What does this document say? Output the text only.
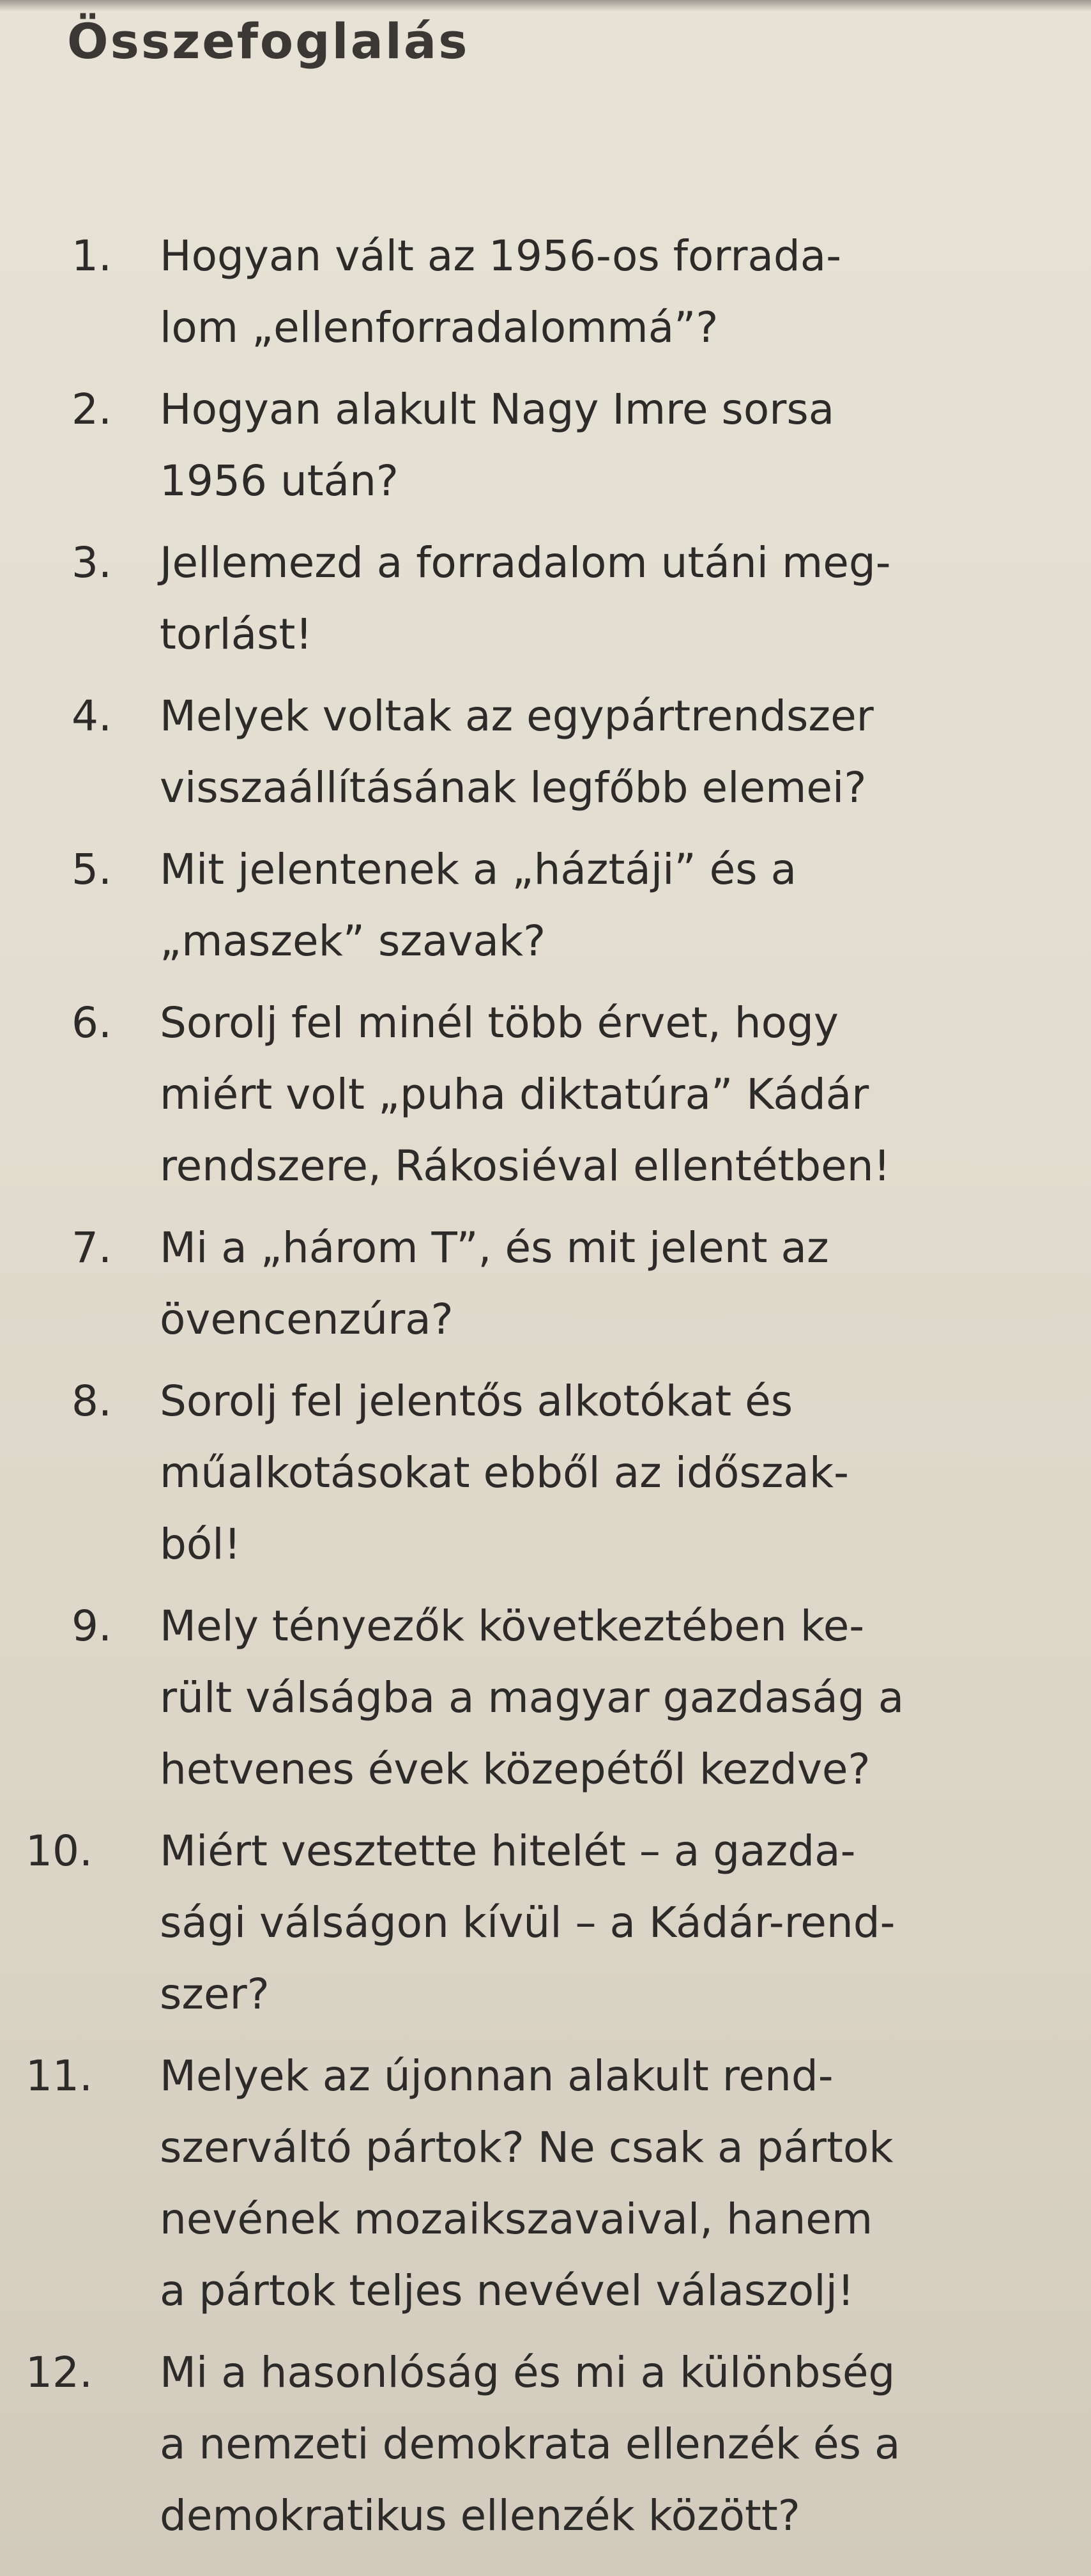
Összefoglalás
1.	Hogyan vált az 1956-os forrada-
lom „ellenforradalommá”?
2.	Hogyan alakult Nagy Imre sorsa
1956 után?
3.	Jellemezd a forradalom utáni meg-
torlást!
4.	Melyek voltak az egypártrendszer
visszaállításának legfőbb elemei?
5.	Mit jelentenek a „háztáji” és a
„maszek” szavak?
6.	Sorolj fel minél több érvet, hogy
miért volt „puha diktatúra” Kádár
rendszere, Rákosiéval ellentétben!
7.	Mi a „három T”, és mit jelent az
övencenzúra?
8.	Sorolj fel jelentős alkotókat és
műalkotásokat ebből az időszak-
ból!
9.	Mely tényezők következtében ke-
rült válságba a magyar gazdaság a
hetvenes évek közepétől kezdve?
10.	Miért vesztette hitelét – a gazda-
sági válságon kívül – a Kádár-rend-
szer?
11.	Melyek az újonnan alakult rend-
szerváltó pártok? Ne csak a pártok
nevének mozaikszavaival, hanem
a pártok teljes nevével válaszolj!
12.	Mi a hasonlóság és mi a különbség
a nemzeti demokrata ellenzék és a
demokratikus ellenzék között?
